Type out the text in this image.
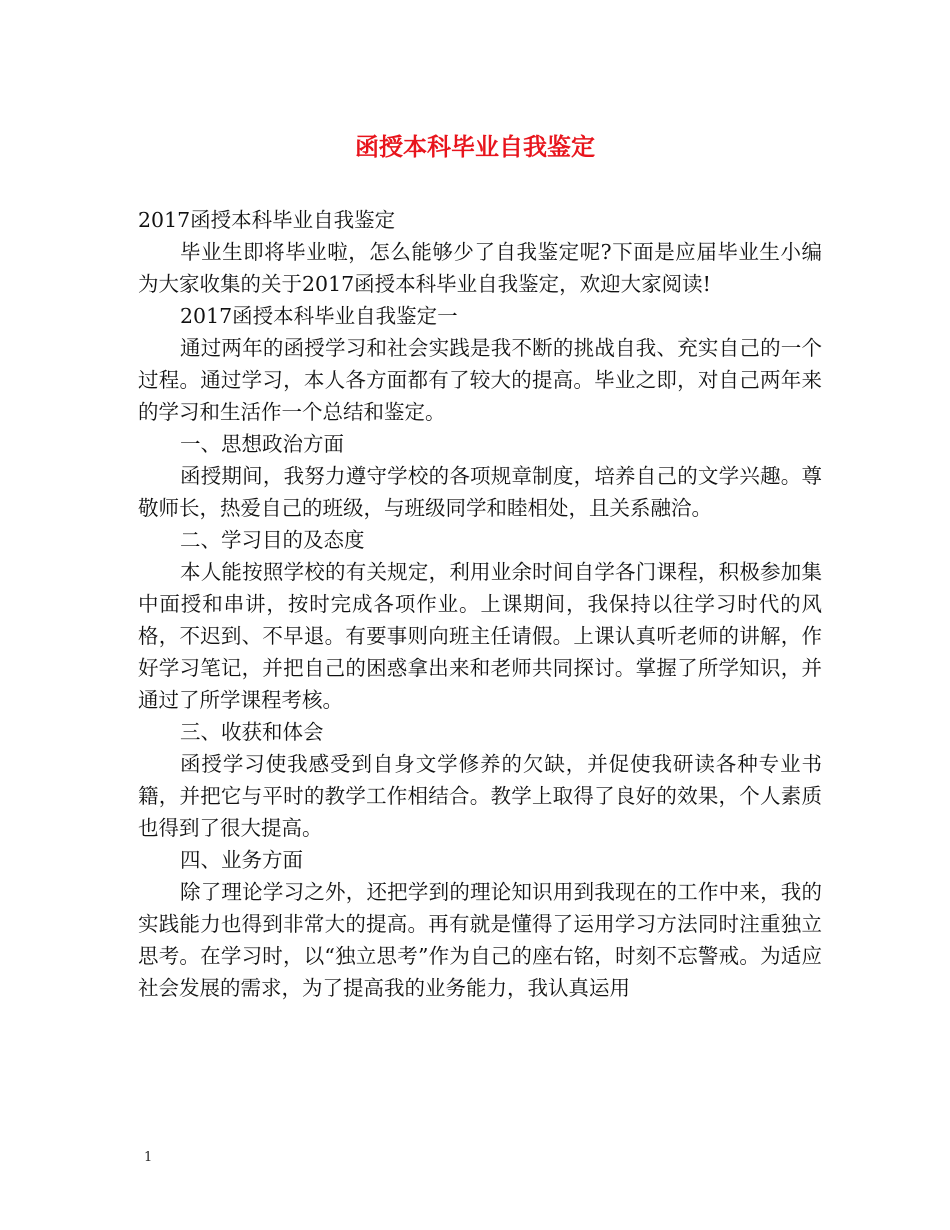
函授本科毕业自我鉴定

2017函授本科毕业自我鉴定

毕业生即将毕业啦，怎么能够少了自我鉴定呢?下面是应届毕业生小编为大家收集的关于2017函授本科毕业自我鉴定，欢迎大家阅读!

2017函授本科毕业自我鉴定一

通过两年的函授学习和社会实践是我不断的挑战自我、充实自己的一个过程。通过学习，本人各方面都有了较大的提高。毕业之即，对自己两年来的学习和生活作一个总结和鉴定。

一、思想政治方面

函授期间，我努力遵守学校的各项规章制度，培养自己的文学兴趣。尊敬师长，热爱自己的班级，与班级同学和睦相处，且关系融洽。

二、学习目的及态度

本人能按照学校的有关规定，利用业余时间自学各门课程，积极参加集中面授和串讲，按时完成各项作业。上课期间，我保持以往学习时代的风格，不迟到、不早退。有要事则向班主任请假。上课认真听老师的讲解，作好学习笔记，并把自己的困惑拿出来和老师共同探讨。掌握了所学知识，并通过了所学课程考核。

三、收获和体会

函授学习使我感受到自身文学修养的欠缺，并促使我研读各种专业书籍，并把它与平时的教学工作相结合。教学上取得了良好的效果，个人素质也得到了很大提高。

四、业务方面

除了理论学习之外，还把学到的理论知识用到我现在的工作中来，我的实践能力也得到非常大的提高。再有就是懂得了运用学习方法同时注重独立思考。在学习时，以“独立思考”作为自己的座右铭，时刻不忘警戒。为适应社会发展的需求，为了提高我的业务能力，我认真运用

1
